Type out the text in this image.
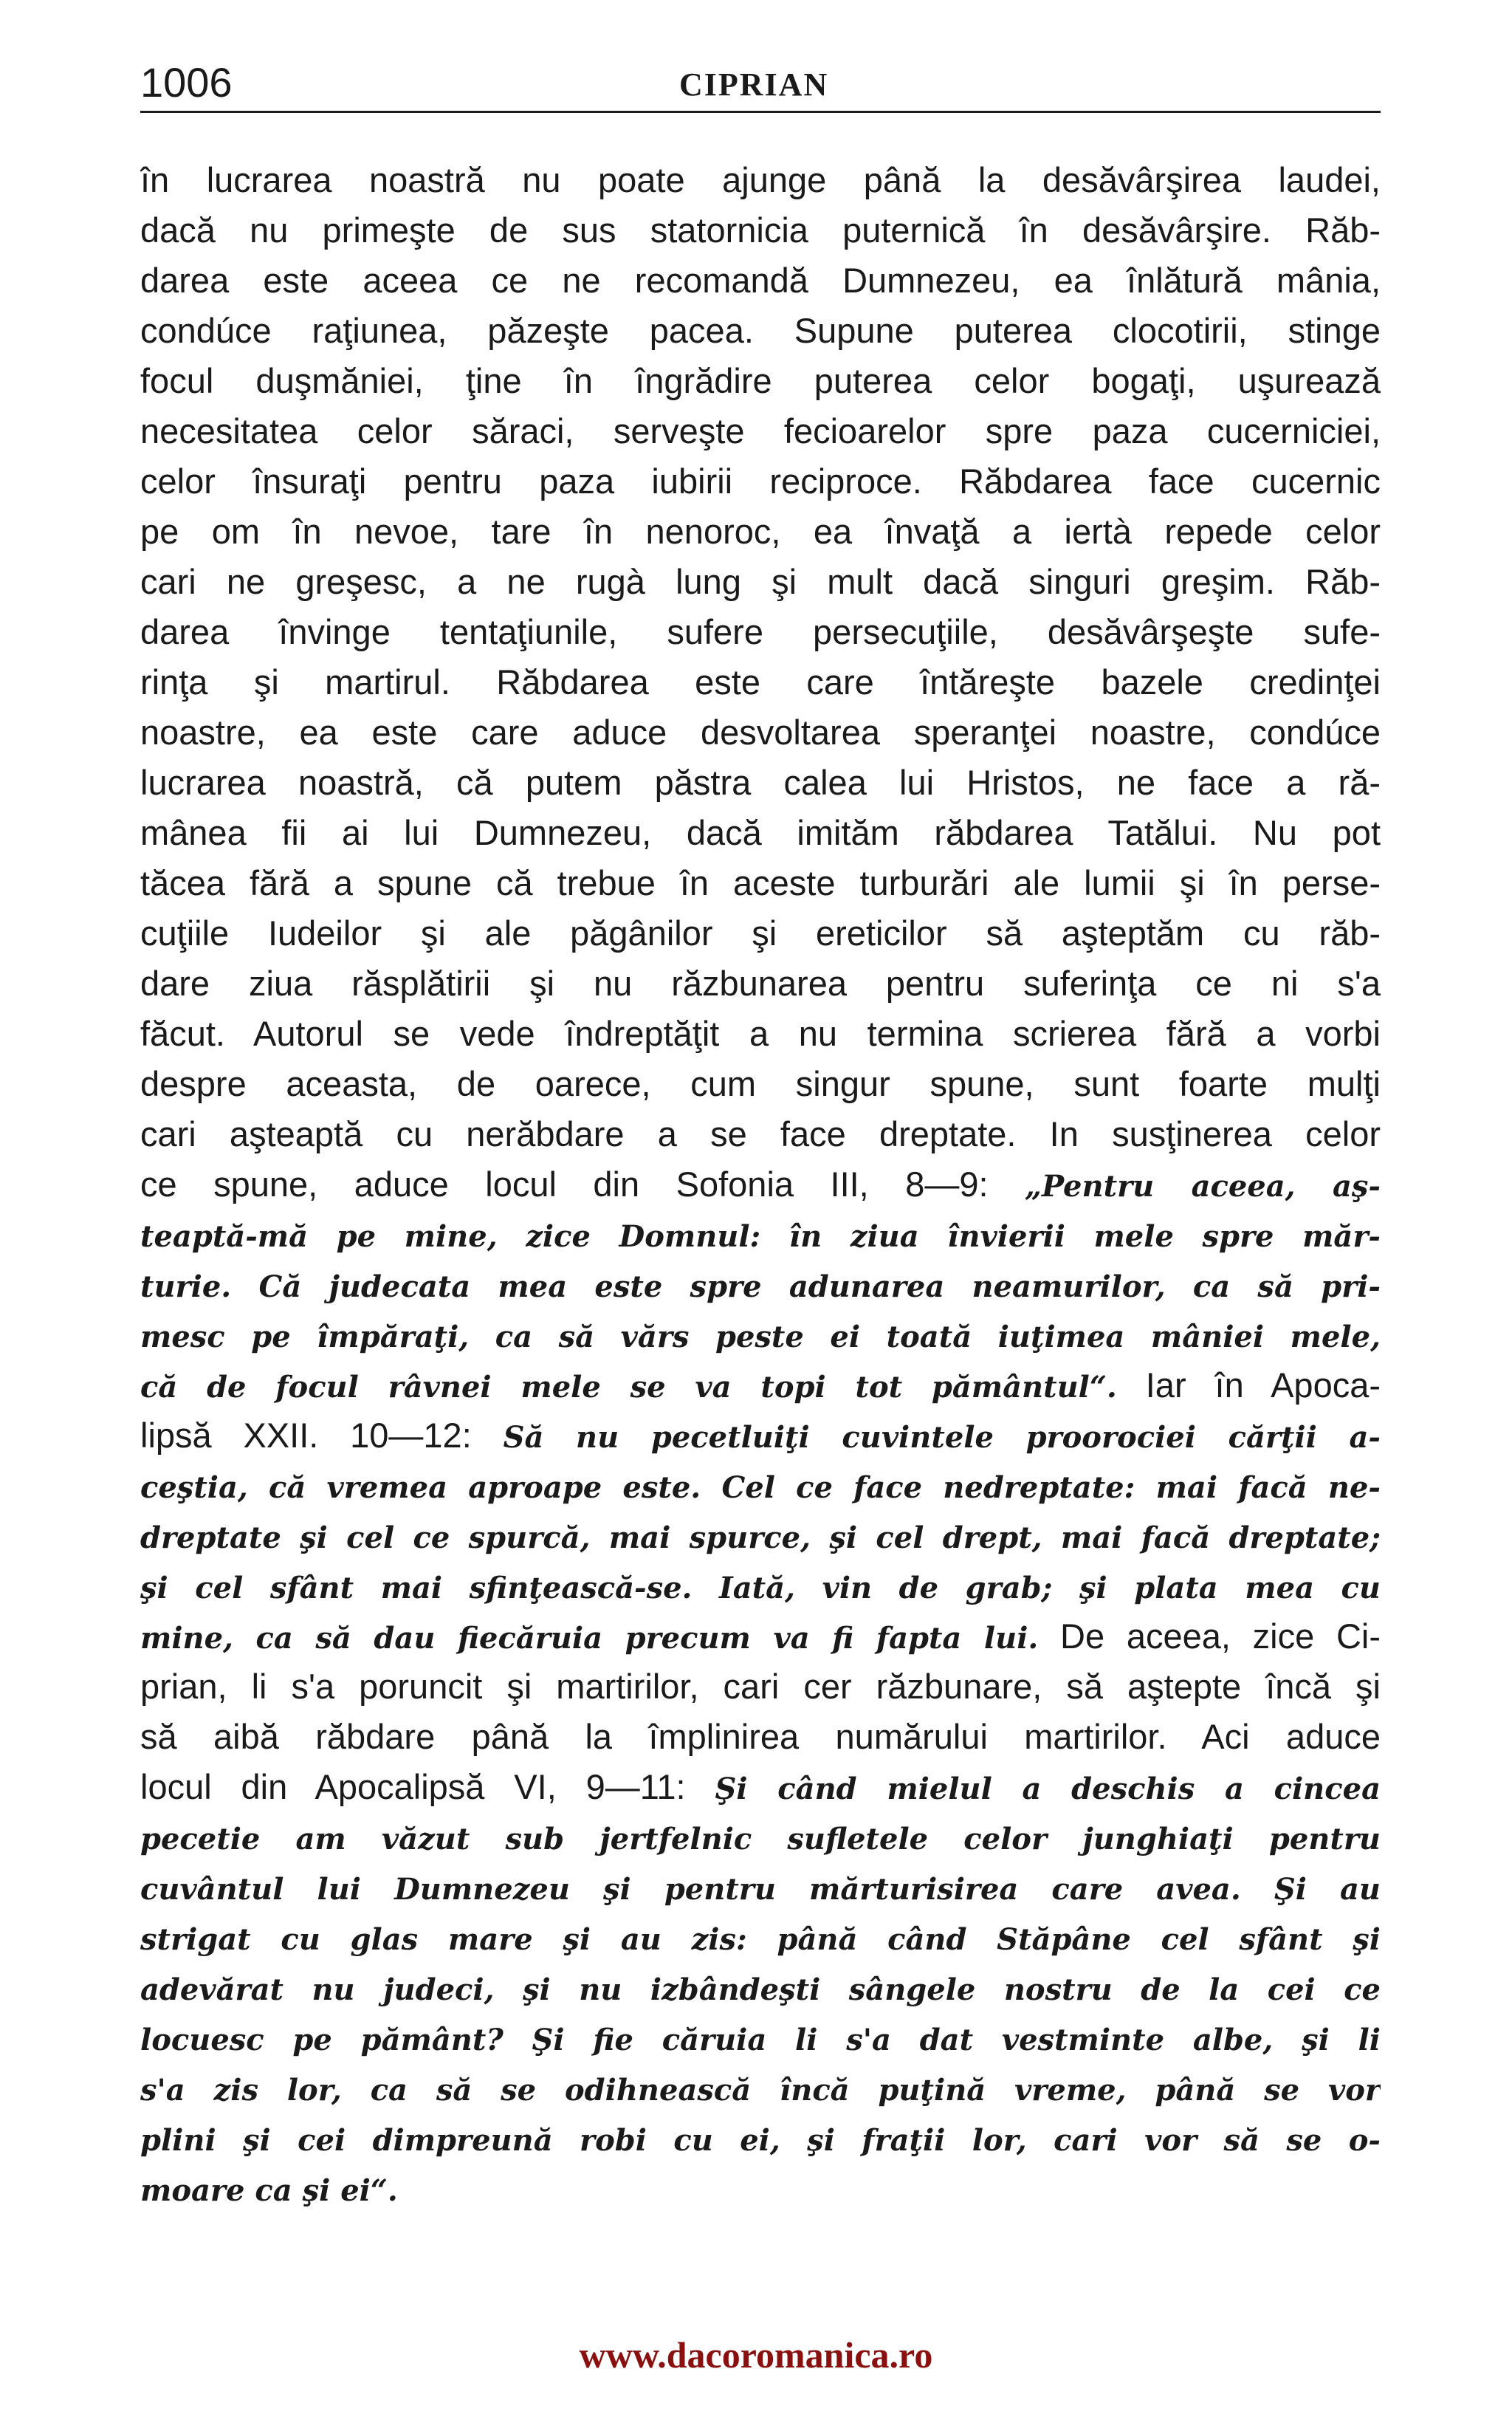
1006	CIPRIAN
în lucrarea noastră nu poate ajunge până la desăvârşirea laudei,
dacă nu primeşte de sus statornicia puternică în desăvârşire. Răb-
darea este aceea ce ne recomandă Dumnezeu, ea înlătură mânia,
condúce raţiunea, păzeşte pacea. Supune puterea clocotirii, stinge
focul duşmăniei, ţine în îngrădire puterea celor bogaţi, uşurează
necesitatea celor săraci, serveşte fecioarelor spre paza cucerniciei,
celor însuraţi pentru paza iubirii reciproce. Răbdarea face cucernic
pe om în nevoe, tare în nenoroc, ea învaţă a iertà repede celor
cari ne greşesc, a ne rugà lung şi mult dacă singuri greşim. Răb-
darea învinge tentaţiunile, sufere persecuţiile, desăvârşeşte sufe-
rinţa şi martirul. Răbdarea este care întăreşte bazele credinţei
noastre, ea este care aduce desvoltarea speranţei noastre, condúce
lucrarea noastră, că putem păstra calea lui Hristos, ne face a ră-
mânea fii ai lui Dumnezeu, dacă imităm răbdarea Tatălui. Nu pot
tăcea fără a spune că trebue în aceste turburări ale lumii şi în perse-
cuţiile Iudeilor şi ale păgânilor şi ereticilor să aşteptăm cu răb-
dare ziua răsplătirii şi nu răzbunarea pentru suferinţa ce ni s'a
făcut. Autorul se vede îndreptăţit a nu termina scrierea fără a vorbi
despre aceasta, de oarece, cum singur spune, sunt foarte mulţi
cari aşteaptă cu nerăbdare a se face dreptate. In susţinerea celor
ce spune, aduce locul din Sofonia III, 8—9: „Pentru aceea, aş-
teaptă-mă pe mine, zice Domnul: în ziua învierii mele spre măr-
turie. Că judecata mea este spre adunarea neamurilor, ca să pri-
mesc pe împăraţi, ca să vărs peste ei toată iuţimea mâniei mele,
că de focul râvnei mele se va topi tot pământul“. Iar în Apoca-
lipsă XXII. 10—12: Să nu pecetluiţi cuvintele proorociei cărţii a-
ceştia, că vremea aproape este. Cel ce face nedreptate: mai facă ne-
dreptate şi cel ce spurcă, mai spurce, şi cel drept, mai facă dreptate;
şi cel sfânt mai sfinţească-se. Iată, vin de grab; şi plata mea cu
mine, ca să dau fiecăruia precum va fi fapta lui. De aceea, zice Ci-
prian, li s'a poruncit şi martirilor, cari cer răzbunare, să aştepte încă şi
să aibă răbdare până la împlinirea numărului martirilor. Aci aduce
locul din Apocalipsă VI, 9—11: Şi când mielul a deschis a cincea
pecetie am văzut sub jertfelnic sufletele celor junghiaţi pentru
cuvântul lui Dumnezeu şi pentru mărturisirea care avea. Şi au
strigat cu glas mare şi au zis: până când Stăpâne cel sfânt şi
adevărat nu judeci, şi nu izbândeşti sângele nostru de la cei ce
locuesc pe pământ? Şi fie căruia li s'a dat vestminte albe, şi li
s'a zis lor, ca să se odihnească încă puţină vreme, până se vor
plini şi cei dimpreună robi cu ei, şi fraţii lor, cari vor să se o-
moare ca şi ei“.
www.dacoromanica.ro
